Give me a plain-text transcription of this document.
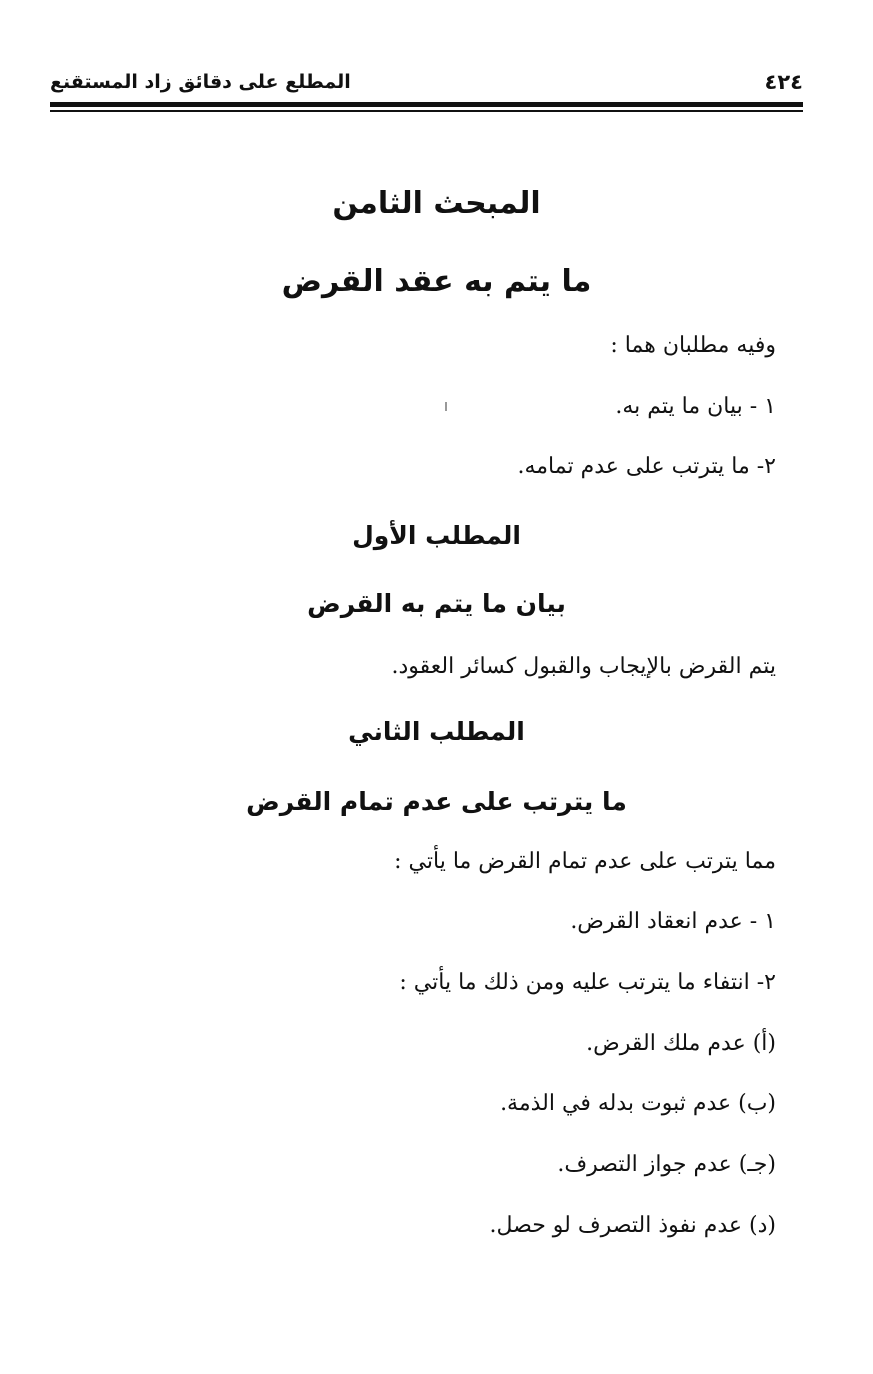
٤٢٤
المطلع على دقائق زاد المستقنع
المبحث الثامن
ما يتم به عقد القرض
وفيه مطلبان هما :
١ - بيان ما يتم به.
٢- ما يترتب على عدم تمامه.
المطلب الأول
بيان ما يتم به القرض
يتم القرض بالإيجاب والقبول كسائر العقود.
المطلب الثاني
ما يترتب على عدم تمام القرض
مما يترتب على عدم تمام القرض ما يأتي :
١ - عدم انعقاد القرض.
٢- انتفاء ما يترتب عليه ومن ذلك ما يأتي :
(أ) عدم ملك القرض.
(ب) عدم ثبوت بدله في الذمة.
(جـ) عدم جواز التصرف.
(د) عدم نفوذ التصرف لو حصل.
